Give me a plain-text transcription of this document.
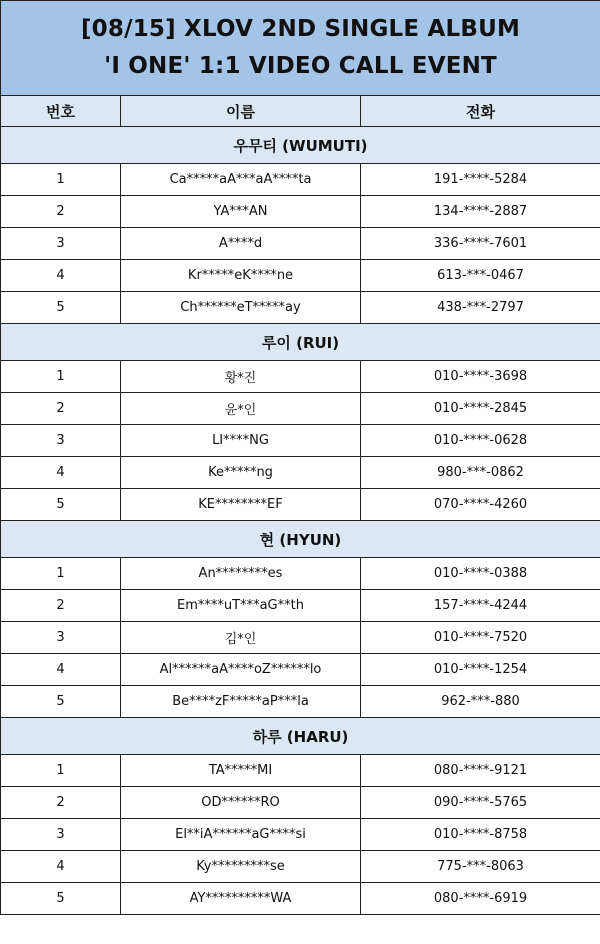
[08/15] XLOV 2ND SINGLE ALBUM
'I ONE' 1:1 VIDEO CALL EVENT		

번호	이름	전화
우무티 (WUMUTI)		
1	Ca*****aA***aA****ta	191-****-5284
2	YA***AN	134-****-2887
3	A****d	336-****-7601
4	Kr*****eK****ne	613-***-0467
5	Ch******eT*****ay	438-***-2797
루이 (RUI)		
1	황*진	010-****-3698
2	윤*인	010-****-2845
3	LI****NG	010-****-0628
4	Ke*****ng	980-***-0862
5	KE********EF	070-****-4260
현 (HYUN)		
1	An********es	010-****-0388
2	Em****uT***aG**th	157-****-4244
3	김*인	010-****-7520
4	Al******aA****oZ******lo	010-****-1254
5	Be****zF*****aP***la	962-***-880
하루 (HARU)		
1	TA*****MI	080-****-9121
2	OD******RO	090-****-5765
3	El**iA******aG****si	010-****-8758
4	Ky*********se	775-***-8063
5	AY**********WA	080-****-6919
